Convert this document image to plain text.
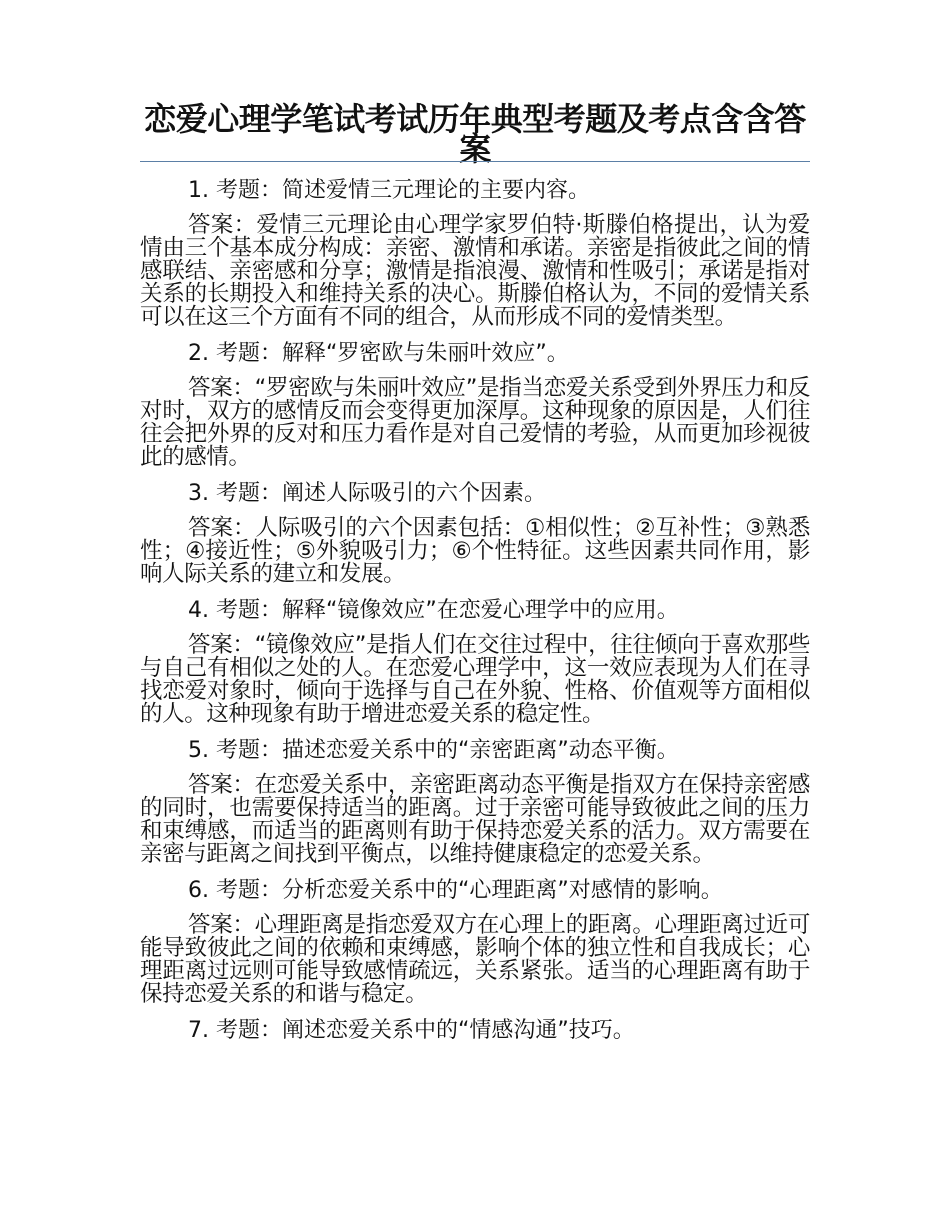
恋爱心理学笔试考试历年典型考题及考点含含答案
1. 考题：简述爱情三元理论的主要内容。
答案：爱情三元理论由心理学家罗伯特·斯滕伯格提出，认为爱情由三个基本成分构成：亲密、激情和承诺。亲密是指彼此之间的情感联结、亲密感和分享；激情是指浪漫、激情和性吸引；承诺是指对关系的长期投入和维持关系的决心。斯滕伯格认为，不同的爱情关系可以在这三个方面有不同的组合，从而形成不同的爱情类型。
2. 考题：解释“罗密欧与朱丽叶效应”。
答案：“罗密欧与朱丽叶效应”是指当恋爱关系受到外界压力和反对时，双方的感情反而会变得更加深厚。这种现象的原因是，人们往往会把外界的反对和压力看作是对自己爱情的考验，从而更加珍视彼此的感情。
3. 考题：阐述人际吸引的六个因素。
答案：人际吸引的六个因素包括：①相似性；②互补性；③熟悉性；④接近性；⑤外貌吸引力；⑥个性特征。这些因素共同作用，影响人际关系的建立和发展。
4. 考题：解释“镜像效应”在恋爱心理学中的应用。
答案：“镜像效应”是指人们在交往过程中，往往倾向于喜欢那些与自己有相似之处的人。在恋爱心理学中，这一效应表现为人们在寻找恋爱对象时，倾向于选择与自己在外貌、性格、价值观等方面相似的人。这种现象有助于增进恋爱关系的稳定性。
5. 考题：描述恋爱关系中的“亲密距离”动态平衡。
答案：在恋爱关系中，亲密距离动态平衡是指双方在保持亲密感的同时，也需要保持适当的距离。过于亲密可能导致彼此之间的压力和束缚感，而适当的距离则有助于保持恋爱关系的活力。双方需要在亲密与距离之间找到平衡点，以维持健康稳定的恋爱关系。
6. 考题：分析恋爱关系中的“心理距离”对感情的影响。
答案：心理距离是指恋爱双方在心理上的距离。心理距离过近可能导致彼此之间的依赖和束缚感，影响个体的独立性和自我成长；心理距离过远则可能导致感情疏远，关系紧张。适当的心理距离有助于保持恋爱关系的和谐与稳定。
7. 考题：阐述恋爱关系中的“情感沟通”技巧。
